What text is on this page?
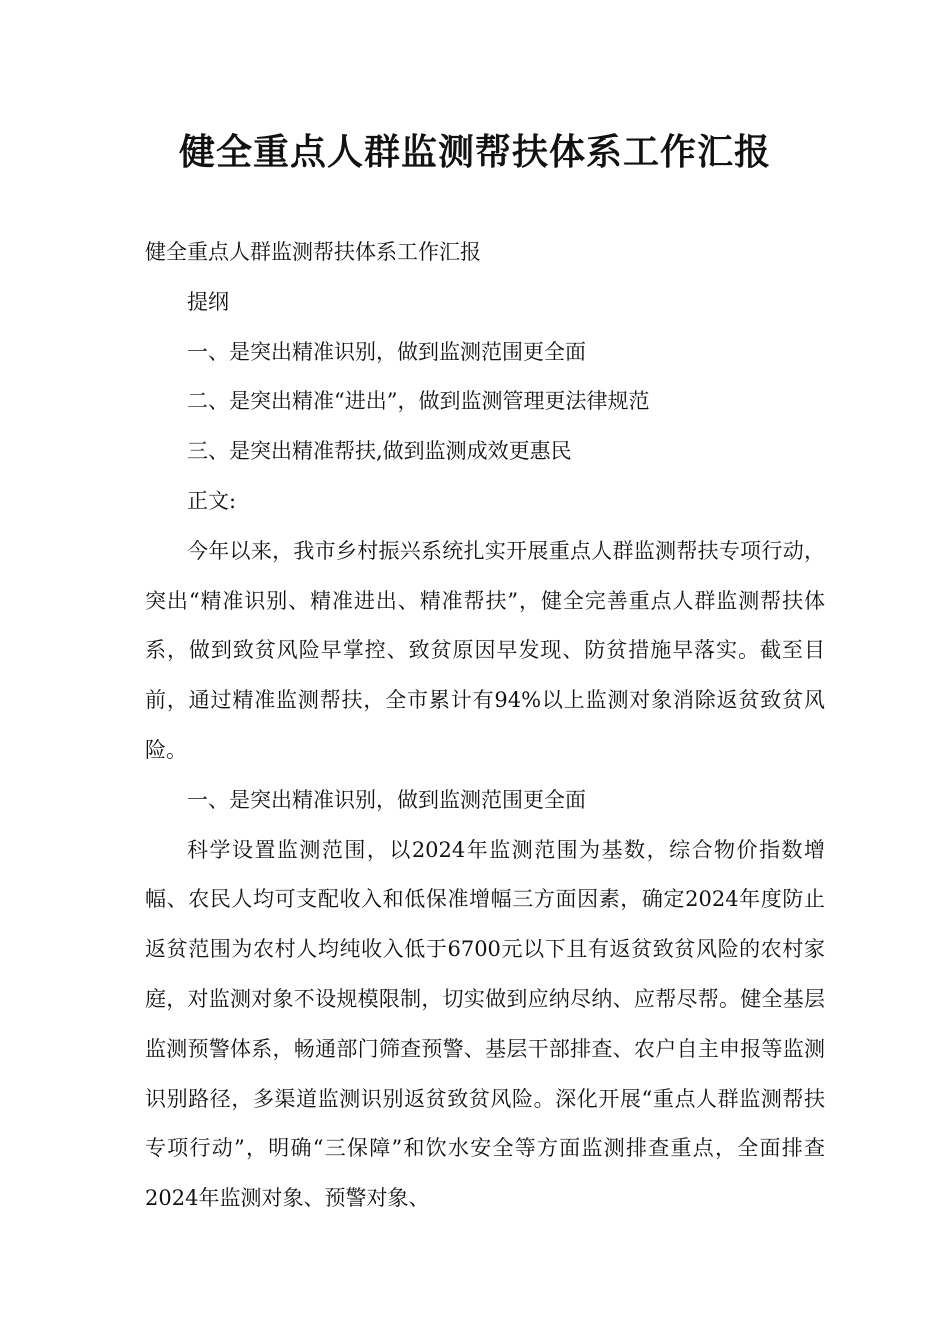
健全重点人群监测帮扶体系工作汇报

健全重点人群监测帮扶体系工作汇报

提纲

一、是突出精准识别，做到监测范围更全面

二、是突出精准“进出”，做到监测管理更法律规范

三、是突出精准帮扶,做到监测成效更惠民

正文:

今年以来，我市乡村振兴系统扎实开展重点人群监测帮扶专项行动，突出“精准识别、精准进出、精准帮扶”，健全完善重点人群监测帮扶体系，做到致贫风险早掌控、致贫原因早发现、防贫措施早落实。截至目前，通过精准监测帮扶，全市累计有94%以上监测对象消除返贫致贫风险。

一、是突出精准识别，做到监测范围更全面

科学设置监测范围，以2024年监测范围为基数，综合物价指数增幅、农民人均可支配收入和低保准增幅三方面因素，确定2024年度防止返贫范围为农村人均纯收入低于6700元以下且有返贫致贫风险的农村家庭，对监测对象不设规模限制，切实做到应纳尽纳、应帮尽帮。健全基层监测预警体系，畅通部门筛查预警、基层干部排查、农户自主申报等监测识别路径，多渠道监测识别返贫致贫风险。深化开展“重点人群监测帮扶专项行动”，明确“三保障”和饮水安全等方面监测排查重点，全面排查2024年监测对象、预警对象、
